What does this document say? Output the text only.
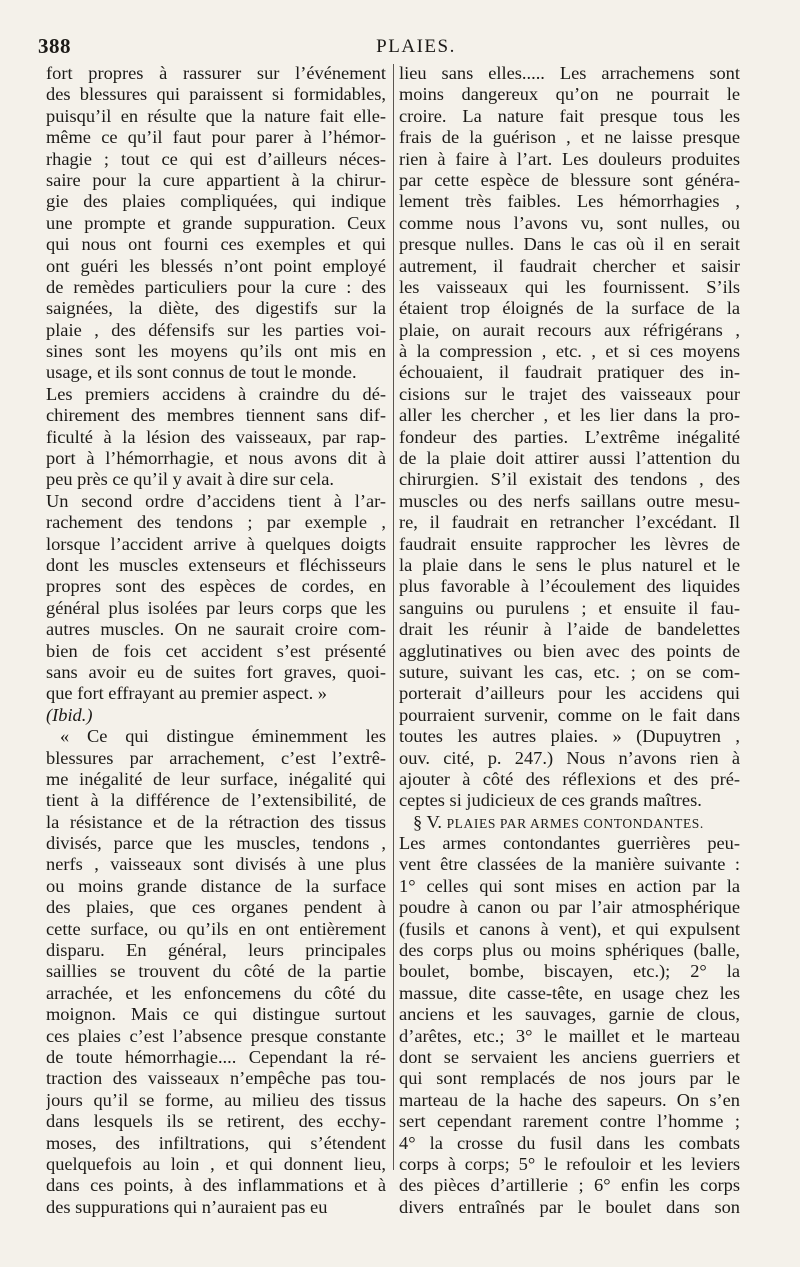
388	PLAIES.
fort propres à rassurer sur l’événement
des blessures qui paraissent si formidables,
puisqu’il en résulte que la nature fait elle-
même ce qu’il faut pour parer à l’hémor-
rhagie ; tout ce qui est d’ailleurs néces-
saire pour la cure appartient à la chirur-
gie des plaies compliquées, qui indique
une prompte et grande suppuration. Ceux
qui nous ont fourni ces exemples et qui
ont guéri les blessés n’ont point employé
de remèdes particuliers pour la cure : des
saignées, la diète, des digestifs sur la
plaie , des défensifs sur les parties voi-
sines sont les moyens qu’ils ont mis en
usage, et ils sont connus de tout le monde.
Les premiers accidens à craindre du dé-
chirement des membres tiennent sans dif-
ficulté à la lésion des vaisseaux, par rap-
port à l’hémorrhagie, et nous avons dit à
peu près ce qu’il y avait à dire sur cela.
Un second ordre d’accidens tient à l’ar-
rachement des tendons ; par exemple ,
lorsque l’accident arrive à quelques doigts
dont les muscles extenseurs et fléchisseurs
propres sont des espèces de cordes, en
général plus isolées par leurs corps que les
autres muscles. On ne saurait croire com-
bien de fois cet accident s’est présenté
sans avoir eu de suites fort graves, quoi-
que fort effrayant au premier aspect. »
(Ibid.)
« Ce qui distingue éminemment les
blessures par arrachement, c’est l’extrê-
me inégalité de leur surface, inégalité qui
tient à la différence de l’extensibilité, de
la résistance et de la rétraction des tissus
divisés, parce que les muscles, tendons ,
nerfs , vaisseaux sont divisés à une plus
ou moins grande distance de la surface
des plaies, que ces organes pendent à
cette surface, ou qu’ils en ont entièrement
disparu. En général, leurs principales
saillies se trouvent du côté de la partie
arrachée, et les enfoncemens du côté du
moignon. Mais ce qui distingue surtout
ces plaies c’est l’absence presque constante
de toute hémorrhagie.... Cependant la ré-
traction des vaisseaux n’empêche pas tou-
jours qu’il se forme, au milieu des tissus
dans lesquels ils se retirent, des ecchy-
moses, des infiltrations, qui s’étendent
quelquefois au loin , et qui donnent lieu,
dans ces points, à des inflammations et à
des suppurations qui n’auraient pas eu
lieu sans elles..... Les arrachemens sont
moins dangereux qu’on ne pourrait le
croire. La nature fait presque tous les
frais de la guérison , et ne laisse presque
rien à faire à l’art. Les douleurs produites
par cette espèce de blessure sont généra-
lement très faibles. Les hémorrhagies ,
comme nous l’avons vu, sont nulles, ou
presque nulles. Dans le cas où il en serait
autrement, il faudrait chercher et saisir
les vaisseaux qui les fournissent. S’ils
étaient trop éloignés de la surface de la
plaie, on aurait recours aux réfrigérans ,
à la compression , etc. , et si ces moyens
échouaient, il faudrait pratiquer des in-
cisions sur le trajet des vaisseaux pour
aller les chercher , et les lier dans la pro-
fondeur des parties. L’extrême inégalité
de la plaie doit attirer aussi l’attention du
chirurgien. S’il existait des tendons , des
muscles ou des nerfs saillans outre mesu-
re, il faudrait en retrancher l’excédant. Il
faudrait ensuite rapprocher les lèvres de
la plaie dans le sens le plus naturel et le
plus favorable à l’écoulement des liquides
sanguins ou purulens ; et ensuite il fau-
drait les réunir à l’aide de bandelettes
agglutinatives ou bien avec des points de
suture, suivant les cas, etc. ; on se com-
porterait d’ailleurs pour les accidens qui
pourraient survenir, comme on le fait dans
toutes les autres plaies. » (Dupuytren ,
ouv. cité, p. 247.) Nous n’avons rien à
ajouter à côté des réflexions et des pré-
ceptes si judicieux de ces grands maîtres.
§ V. PLAIES PAR ARMES CONTONDANTES.
Les armes contondantes guerrières peu-
vent être classées de la manière suivante :
1° celles qui sont mises en action par la
poudre à canon ou par l’air atmosphérique
(fusils et canons à vent), et qui expulsent
des corps plus ou moins sphériques (balle,
boulet, bombe, biscayen, etc.); 2° la
massue, dite casse-tête, en usage chez les
anciens et les sauvages, garnie de clous,
d’arêtes, etc.; 3° le maillet et le marteau
dont se servaient les anciens guerriers et
qui sont remplacés de nos jours par le
marteau de la hache des sapeurs. On s’en
sert cependant rarement contre l’homme ;
4° la crosse du fusil dans les combats
corps à corps; 5° le refouloir et les leviers
des pièces d’artillerie ; 6° enfin les corps
divers entraînés par le boulet dans son
